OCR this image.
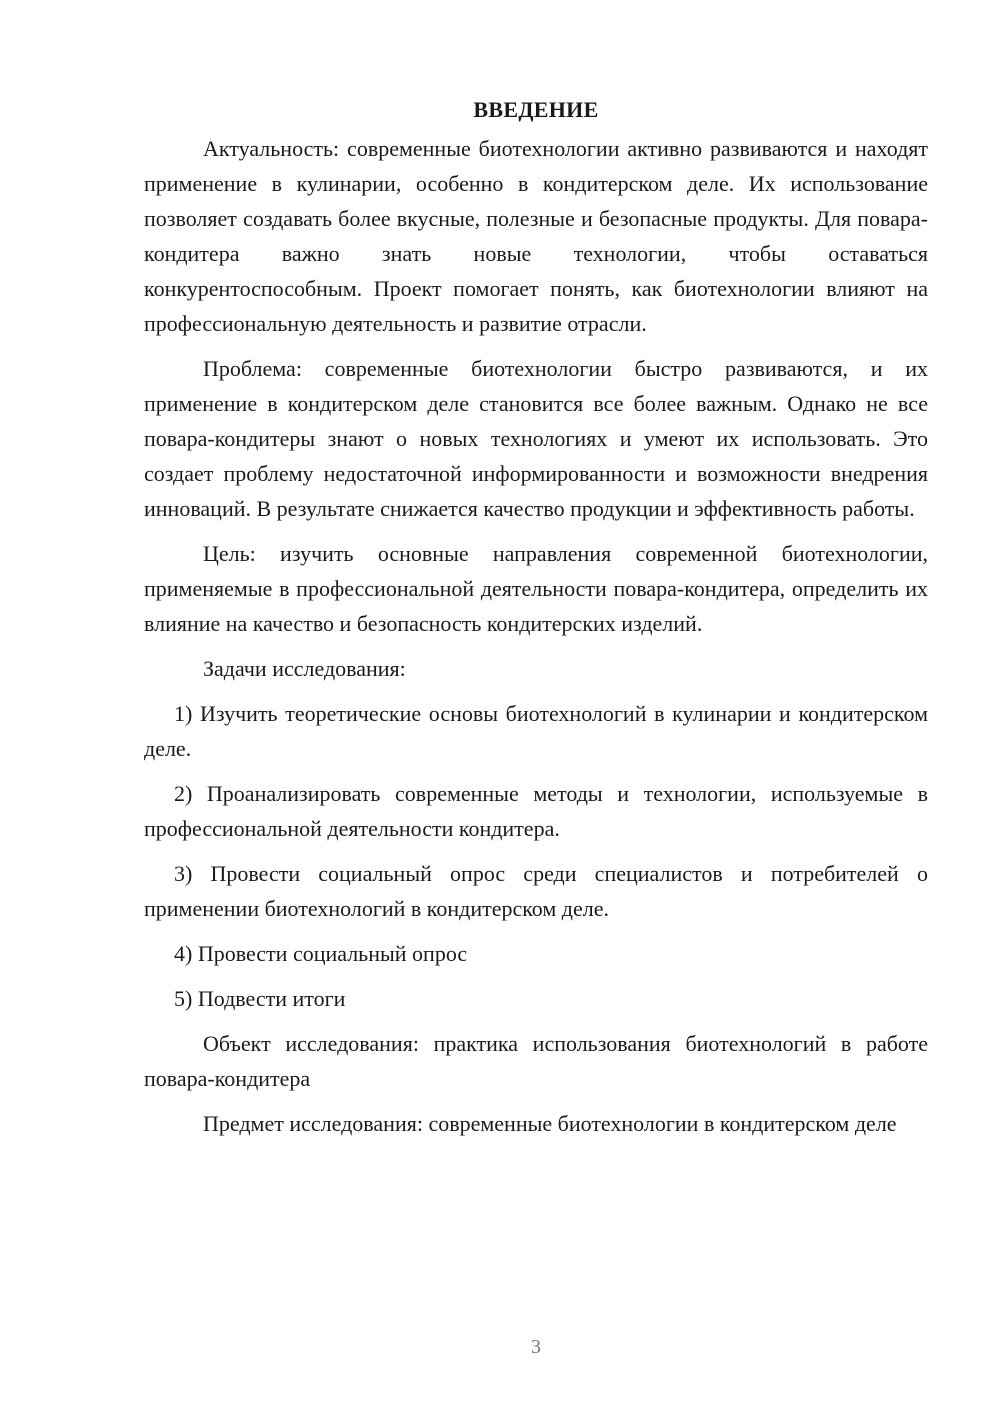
ВВЕДЕНИЕ

Актуальность: современные биотехнологии активно развиваются и находят применение в кулинарии, особенно в кондитерском деле. Их использование позволяет создавать более вкусные, полезные и безопасные продукты. Для повара-кондитера важно знать новые технологии, чтобы оставаться конкурентоспособным. Проект помогает понять, как биотехнологии влияют на профессиональную деятельность и развитие отрасли.

Проблема: современные биотехнологии быстро развиваются, и их применение в кондитерском деле становится все более важным. Однако не все повара-кондитеры знают о новых технологиях и умеют их использовать. Это создает проблему недостаточной информированности и возможности внедрения инноваций. В результате снижается качество продукции и эффективность работы.

Цель: изучить основные направления современной биотехнологии, применяемые в профессиональной деятельности повара-кондитера, определить их влияние на качество и безопасность кондитерских изделий.

Задачи исследования:

1) Изучить теоретические основы биотехнологий в кулинарии и кондитерском деле.

2) Проанализировать современные методы и технологии, используемые в профессиональной деятельности кондитера.

3) Провести социальный опрос среди специалистов и потребителей о применении биотехнологий в кондитерском деле.

4) Провести социальный опрос

5) Подвести итоги

Объект исследования: практика использования биотехнологий в работе повара-кондитера

Предмет исследования: современные биотехнологии в кондитерском деле

3
